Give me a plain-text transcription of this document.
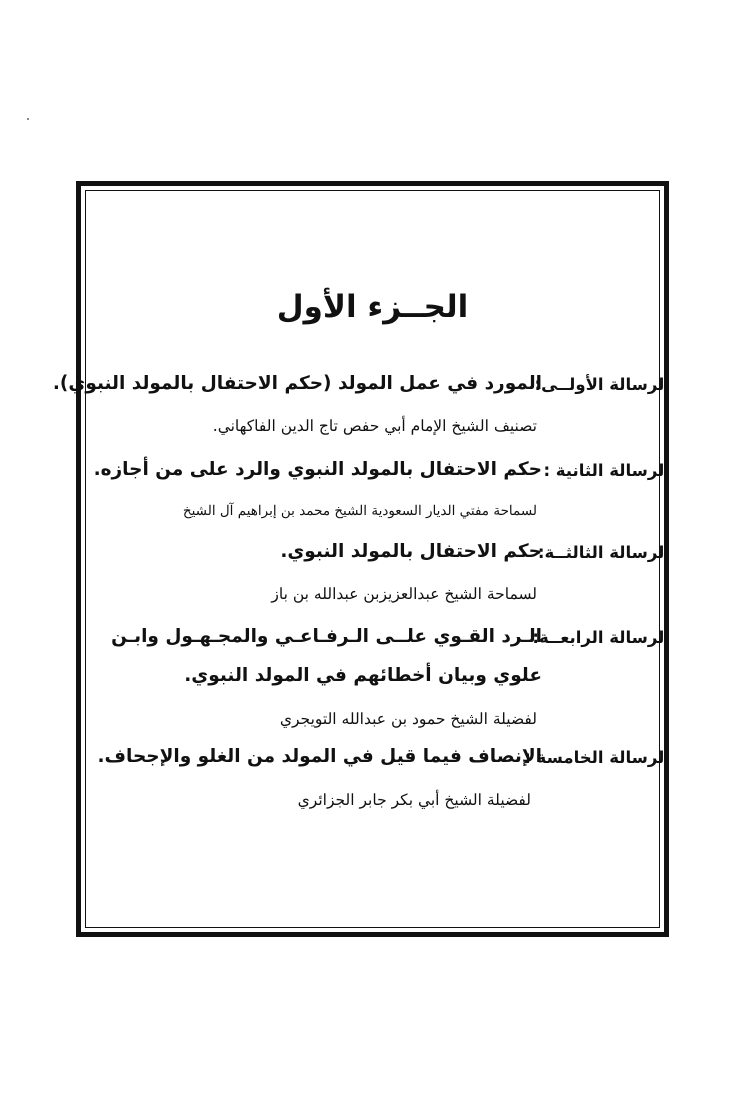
الجــزء الأول
الرسالة الأولــى:
المورد في عمل المولد (حكم الاحتفال بالمولد النبوي).
تصنيف الشيخ الإمام أبي حفص تاج الدين الفاكهاني.
الرسالة الثانية :
حكم الاحتفال بالمولد النبوي والرد على من أجازه.
لسماحة مفتي الديار السعودية الشيخ محمد بن إبراهيم آل الشيخ
الرسالة الثالثــة:
حكم الاحتفال بالمولد النبوي.
لسماحة الشيخ عبدالعزيزبن عبدالله بن باز
الرسالة الرابعــة:
الـرد القـوي علــى الـرفـاعـي والمجـهـول وابـن
علوي وبيان أخطائهم في المولد النبوي.
لفضيلة الشيخ حمود بن عبدالله التويجري
الرسالة الخامسة :
الإنصاف فيما قيل في المولد من الغلو والإجحاف.
لفضيلة الشيخ أبي بكر جابر الجزائري
